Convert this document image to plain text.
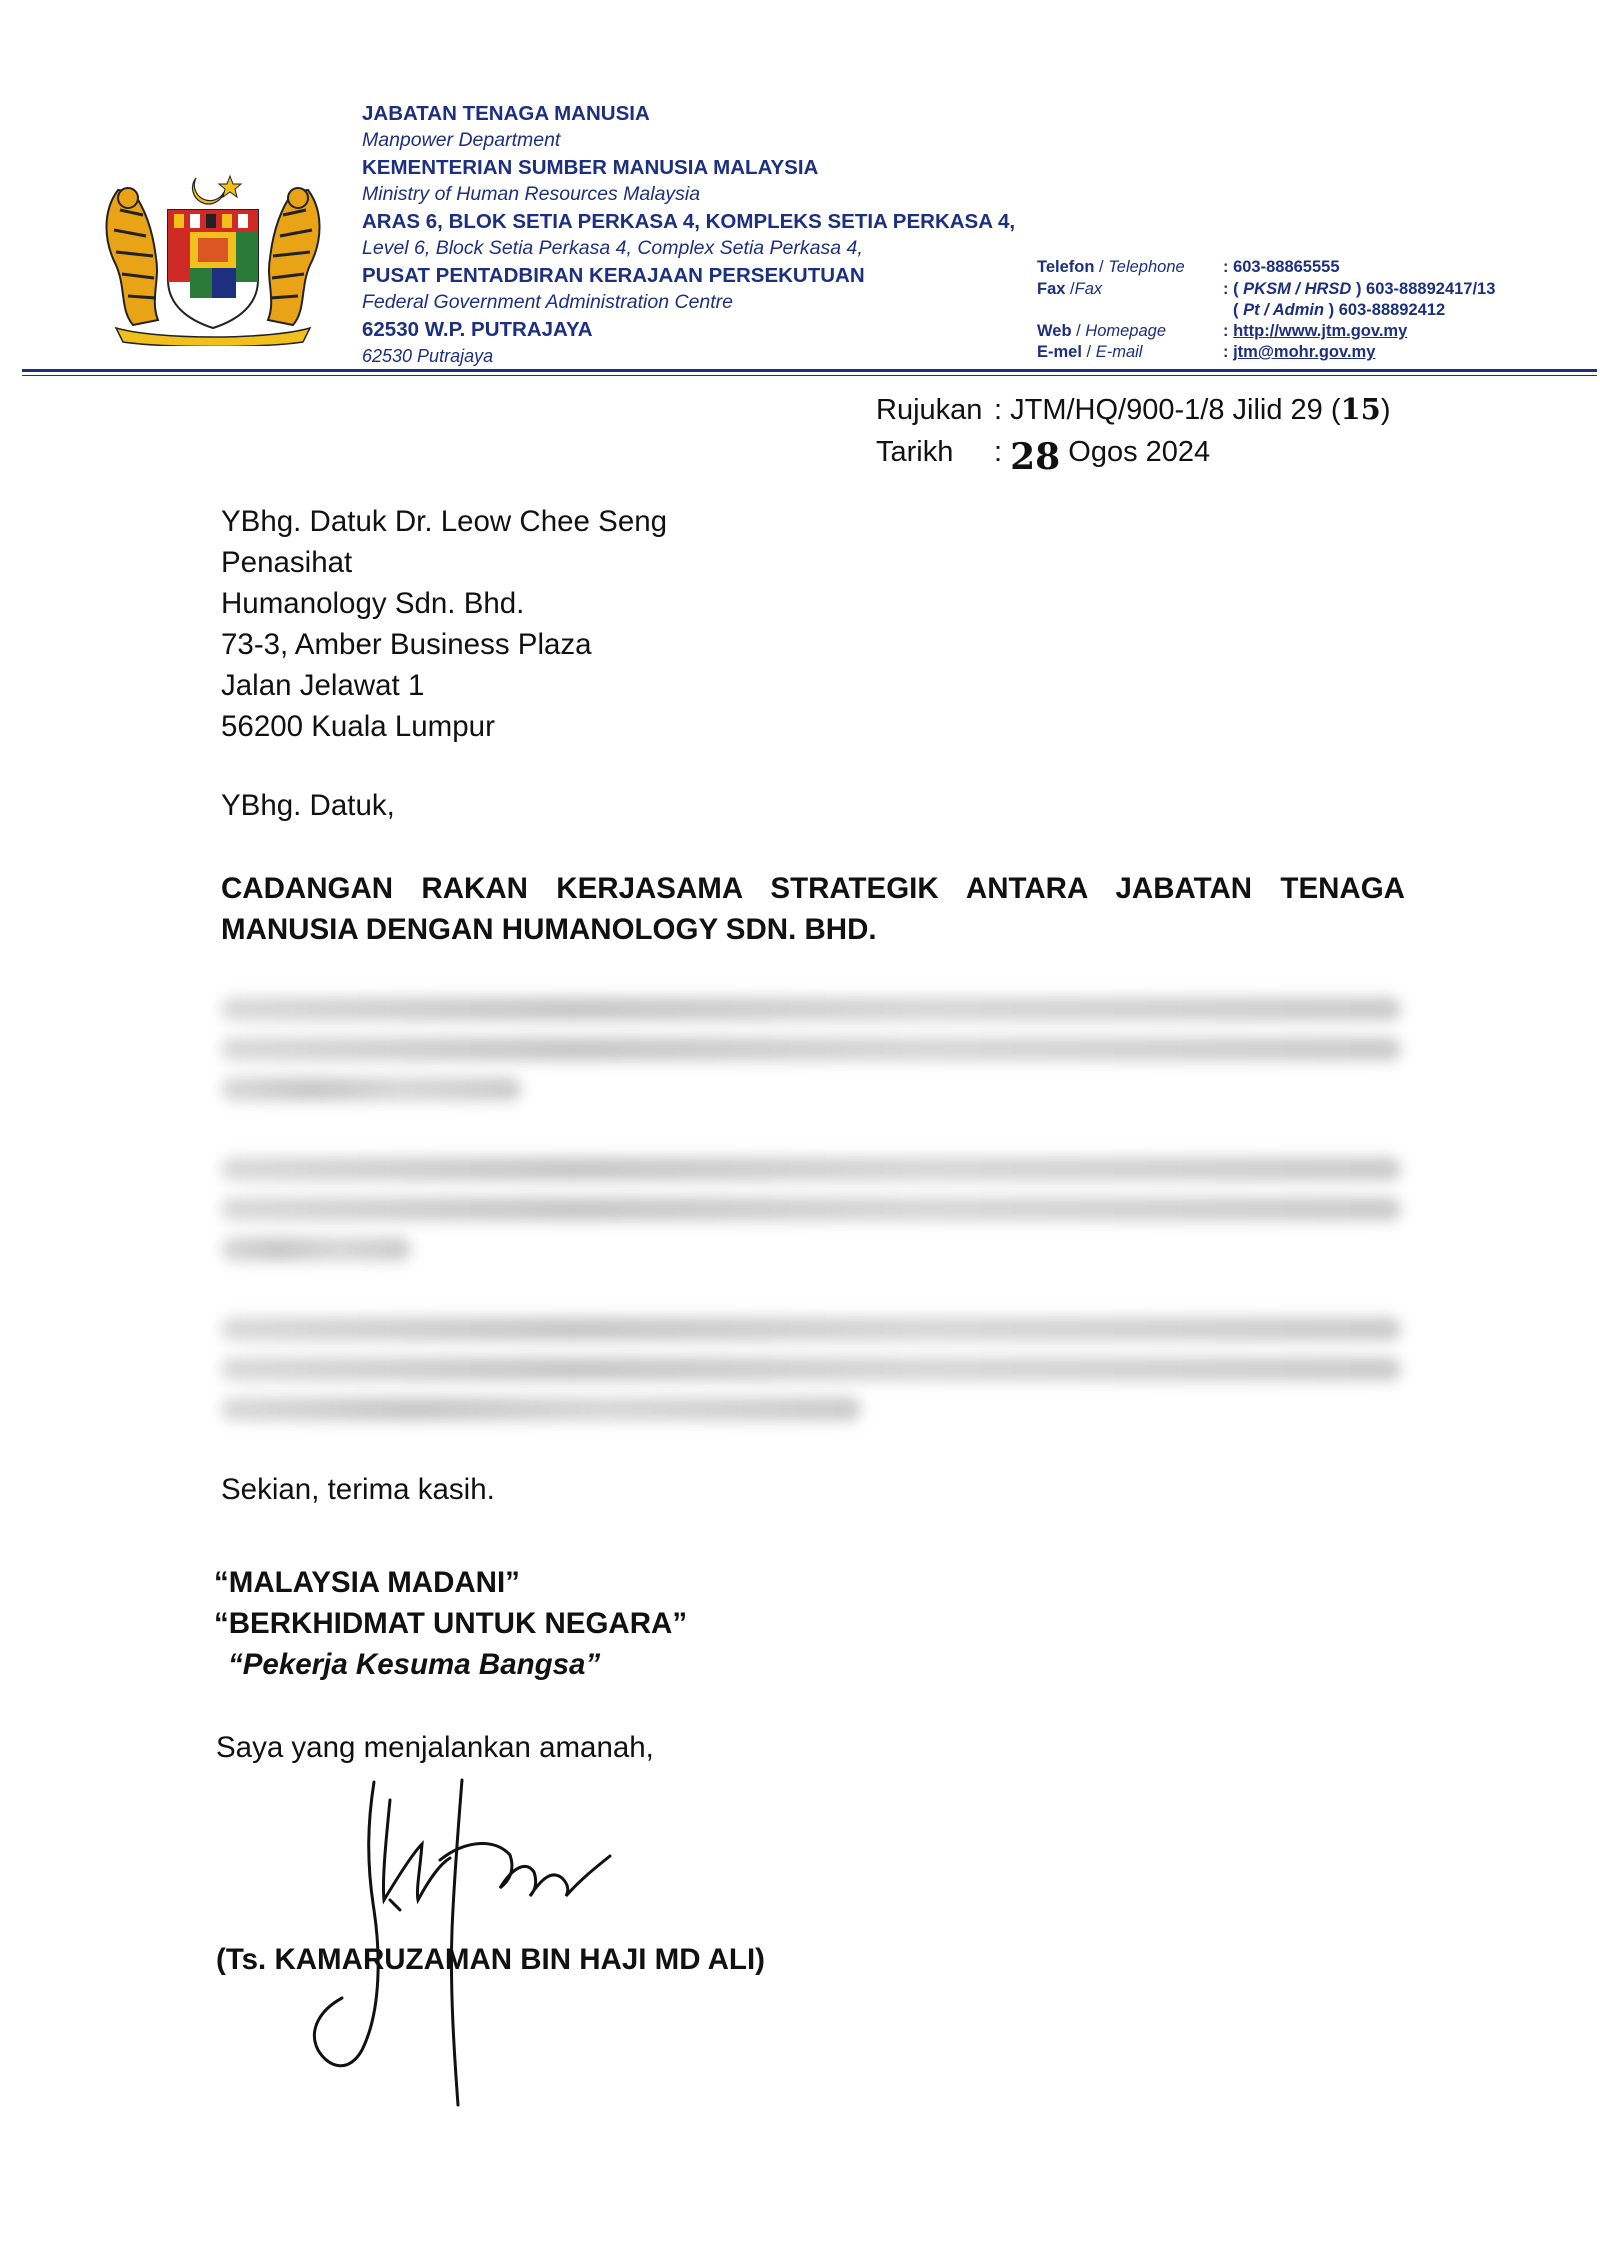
JABATAN TENAGA MANUSIA
Manpower Department
KEMENTERIAN SUMBER MANUSIA MALAYSIA
Ministry of Human Resources Malaysia
ARAS 6, BLOK SETIA PERKASA 4, KOMPLEKS SETIA PERKASA 4,
Level 6, Block Setia Perkasa 4, Complex Setia Perkasa 4,
PUSAT PENTADBIRAN KERAJAAN PERSEKUTUAN
Federal Government Administration Centre
62530 W.P. PUTRAJAYA
62530 Putrajaya
Telefon / Telephone : 603-88865555
Fax /Fax	: ( PKSM / HRSD ) 603-88892417/13
( Pt / Admin ) 603-88892412
Web / Homepage	: http://www.jtm.gov.my
E-mel / E-mail	: jtm@mohr.gov.my
Rujukan : JTM/HQ/900-1/8 Jilid 29 (15)
Tarikh : 28 Ogos 2024
YBhg. Datuk Dr. Leow Chee Seng
Penasihat
Humanology Sdn. Bhd.
73-3, Amber Business Plaza
Jalan Jelawat 1
56200 Kuala Lumpur
YBhg. Datuk,
CADANGAN RAKAN KERJASAMA STRATEGIK ANTARA JABATAN TENAGA MANUSIA DENGAN HUMANOLOGY SDN. BHD.
Sekian, terima kasih.
“MALAYSIA MADANI”
“BERKHIDMAT UNTUK NEGARA”
“Pekerja Kesuma Bangsa”
Saya yang menjalankan amanah,
(Ts. KAMARUZAMAN BIN HAJI MD ALI)
